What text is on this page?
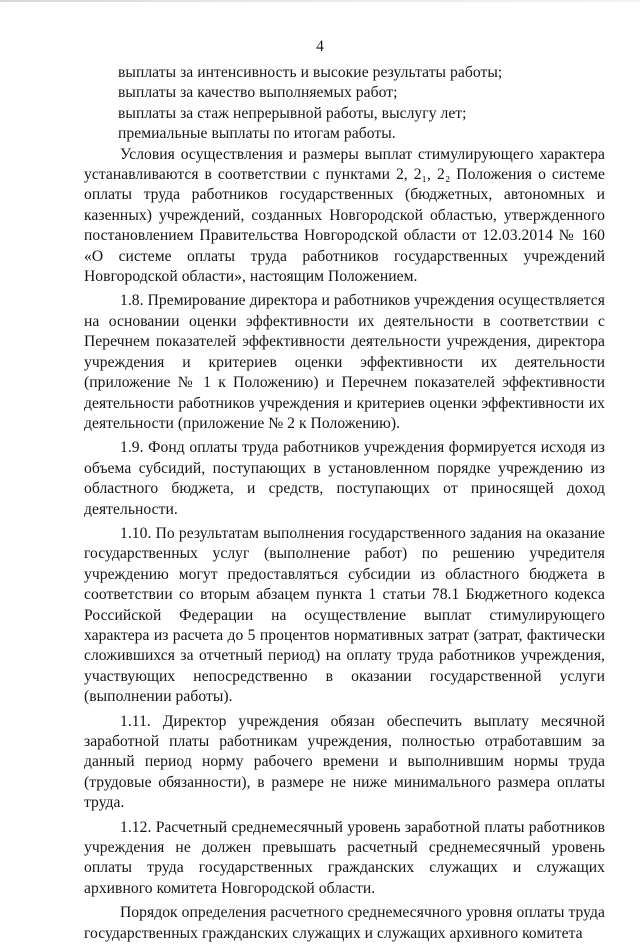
4

выплаты за интенсивность и высокие результаты работы;

выплаты за качество выполняемых работ;

выплаты за стаж непрерывной работы, выслугу лет;

премиальные выплаты по итогам работы.

Условия осуществления и размеры выплат стимулирующего характера устанавливаются в соответствии с пунктами 2, 2₁, 2₂ Положения о системе оплаты труда работников государственных (бюджетных, автономных и казенных) учреждений, созданных Новгородской областью, утвержденного постановлением Правительства Новгородской области от 12.03.2014 № 160 «О системе оплаты труда работников государственных учреждений Новгородской области», настоящим Положением.

1.8. Премирование директора и работников учреждения осуществляется на основании оценки эффективности их деятельности в соответствии с Перечнем показателей эффективности деятельности учреждения, директора учреждения и критериев оценки эффективности их деятельности (приложение № 1 к Положению) и Перечнем показателей эффективности деятельности работников учреждения и критериев оценки эффективности их деятельности (приложение № 2 к Положению).

1.9. Фонд оплаты труда работников учреждения формируется исходя из объема субсидий, поступающих в установленном порядке учреждению из областного бюджета, и средств, поступающих от приносящей доход деятельности.

1.10. По результатам выполнения государственного задания на оказание государственных услуг (выполнение работ) по решению учредителя учреждению могут предоставляться субсидии из областного бюджета в соответствии со вторым абзацем пункта 1 статьи 78.1 Бюджетного кодекса Российской Федерации на осуществление выплат стимулирующего характера из расчета до 5 процентов нормативных затрат (затрат, фактически сложившихся за отчетный период) на оплату труда работников учреждения, участвующих непосредственно в оказании государственной услуги (выполнении работы).

1.11. Директор учреждения обязан обеспечить выплату месячной заработной платы работникам учреждения, полностью отработавшим за данный период норму рабочего времени и выполнившим нормы труда (трудовые обязанности), в размере не ниже минимального размера оплаты труда.

1.12. Расчетный среднемесячный уровень заработной платы работников учреждения не должен превышать расчетный среднемесячный уровень оплаты труда государственных гражданских служащих и служащих архивного комитета Новгородской области.

Порядок определения расчетного среднемесячного уровня оплаты труда государственных гражданских служащих и служащих архивного комитета
